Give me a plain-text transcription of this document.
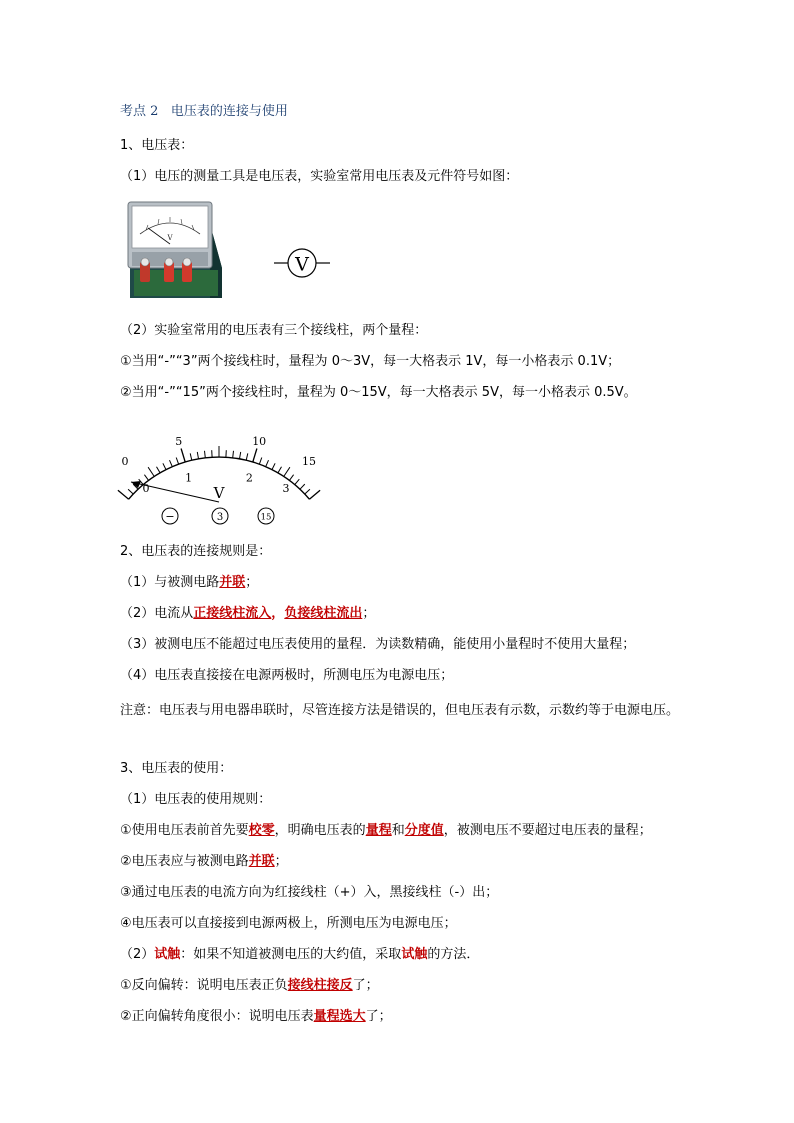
考点 2 电压表的连接与使用
1、电压表：
（1）电压的测量工具是电压表，实验室常用电压表及元件符号如图：
V
V
（2）实验室常用的电压表有三个接线柱，两个量程：
①当用“-”“3”两个接线柱时，量程为 0～3V，每一大格表示 1V，每一小格表示 0.1V；
②当用“-”“15”两个接线柱时，量程为 0～15V，每一大格表示 5V，每一小格表示 0.5V。
0
5	10
15
0
1	2
3
V
−	3	15
2、电压表的连接规则是：
（1）与被测电路并联；
（2）电流从正接线柱流入，负接线柱流出；
（3）被测电压不能超过电压表使用的量程．为读数精确，能使用小量程时不使用大量程；
（4）电压表直接接在电源两极时，所测电压为电源电压；
注意：电压表与用电器串联时，尽管连接方法是错误的，但电压表有示数，示数约等于电源电压。
3、电压表的使用：
（1）电压表的使用规则：
①使用电压表前首先要校零，明确电压表的量程和分度值，被测电压不要超过电压表的量程；
②电压表应与被测电路并联；
③通过电压表的电流方向为红接线柱（+）入，黑接线柱（-）出；
④电压表可以直接接到电源两极上，所测电压为电源电压；
（2）试触：如果不知道被测电压的大约值，采取试触的方法．
①反向偏转：说明电压表正负接线柱接反了；
②正向偏转角度很小：说明电压表量程选大了；
